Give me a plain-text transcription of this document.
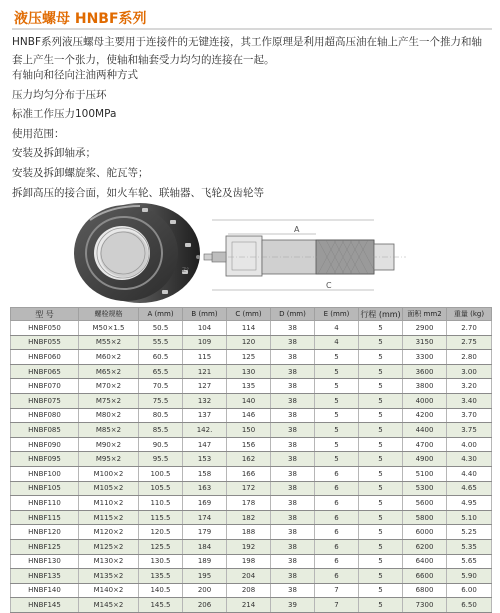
液压螺母 HNBF系列
HNBF系列液压螺母主要用于连接件的无键连接，其工作原理是利用超高压油在轴上产生一个推力和轴套上产生一个张力，使轴和轴套受力均匀的连接在一起。
有轴向和径向注油两种方式
压力均匀分布于压环
标准工作压力100MPa
使用范围：
安装及拆卸轴承；
安装及拆卸螺旋桨、舵瓦等；
拆卸高压的接合面，如火车轮、联轴器、飞轮及齿轮等
A
C
Z°
型 号	螺栓规格	A (mm)	B (mm)	C (mm)	D (mm)	E (mm)	行程 (mm)	面积 mm2	重量 (kg)
HNBF050	M50×1.5	50.5	104	114	38	4	5	2900	2.70
HNBF055	M55×2	55.5	109	120	38	4	5	3150	2.75
HNBF060	M60×2	60.5	115	125	38	5	5	3300	2.80
HNBF065	M65×2	65.5	121	130	38	5	5	3600	3.00
HNBF070	M70×2	70.5	127	135	38	5	5	3800	3.20
HNBF075	M75×2	75.5	132	140	38	5	5	4000	3.40
HNBF080	M80×2	80.5	137	146	38	5	5	4200	3.70
HNBF085	M85×2	85.5	142.	150	38	5	5	4400	3.75
HNBF090	M90×2	90.5	147	156	38	5	5	4700	4.00
HNBF095	M95×2	95.5	153	162	38	5	5	4900	4.30
HNBF100	M100×2	100.5	158	166	38	6	5	5100	4.40
HNBF105	M105×2	105.5	163	172	38	6	5	5300	4.65
HNBF110	M110×2	110.5	169	178	38	6	5	5600	4.95
HNBF115	M115×2	115.5	174	182	38	6	5	5800	5.10
HNBF120	M120×2	120.5	179	188	38	6	5	6000	5.25
HNBF125	M125×2	125.5	184	192	38	6	5	6200	5.35
HNBF130	M130×2	130.5	189	198	38	6	5	6400	5.65
HNBF135	M135×2	135.5	195	204	38	6	5	6600	5.90
HNBF140	M140×2	140.5	200	208	38	7	5	6800	6.00
HNBF145	M145×2	145.5	206	214	39	7	5	7300	6.50
